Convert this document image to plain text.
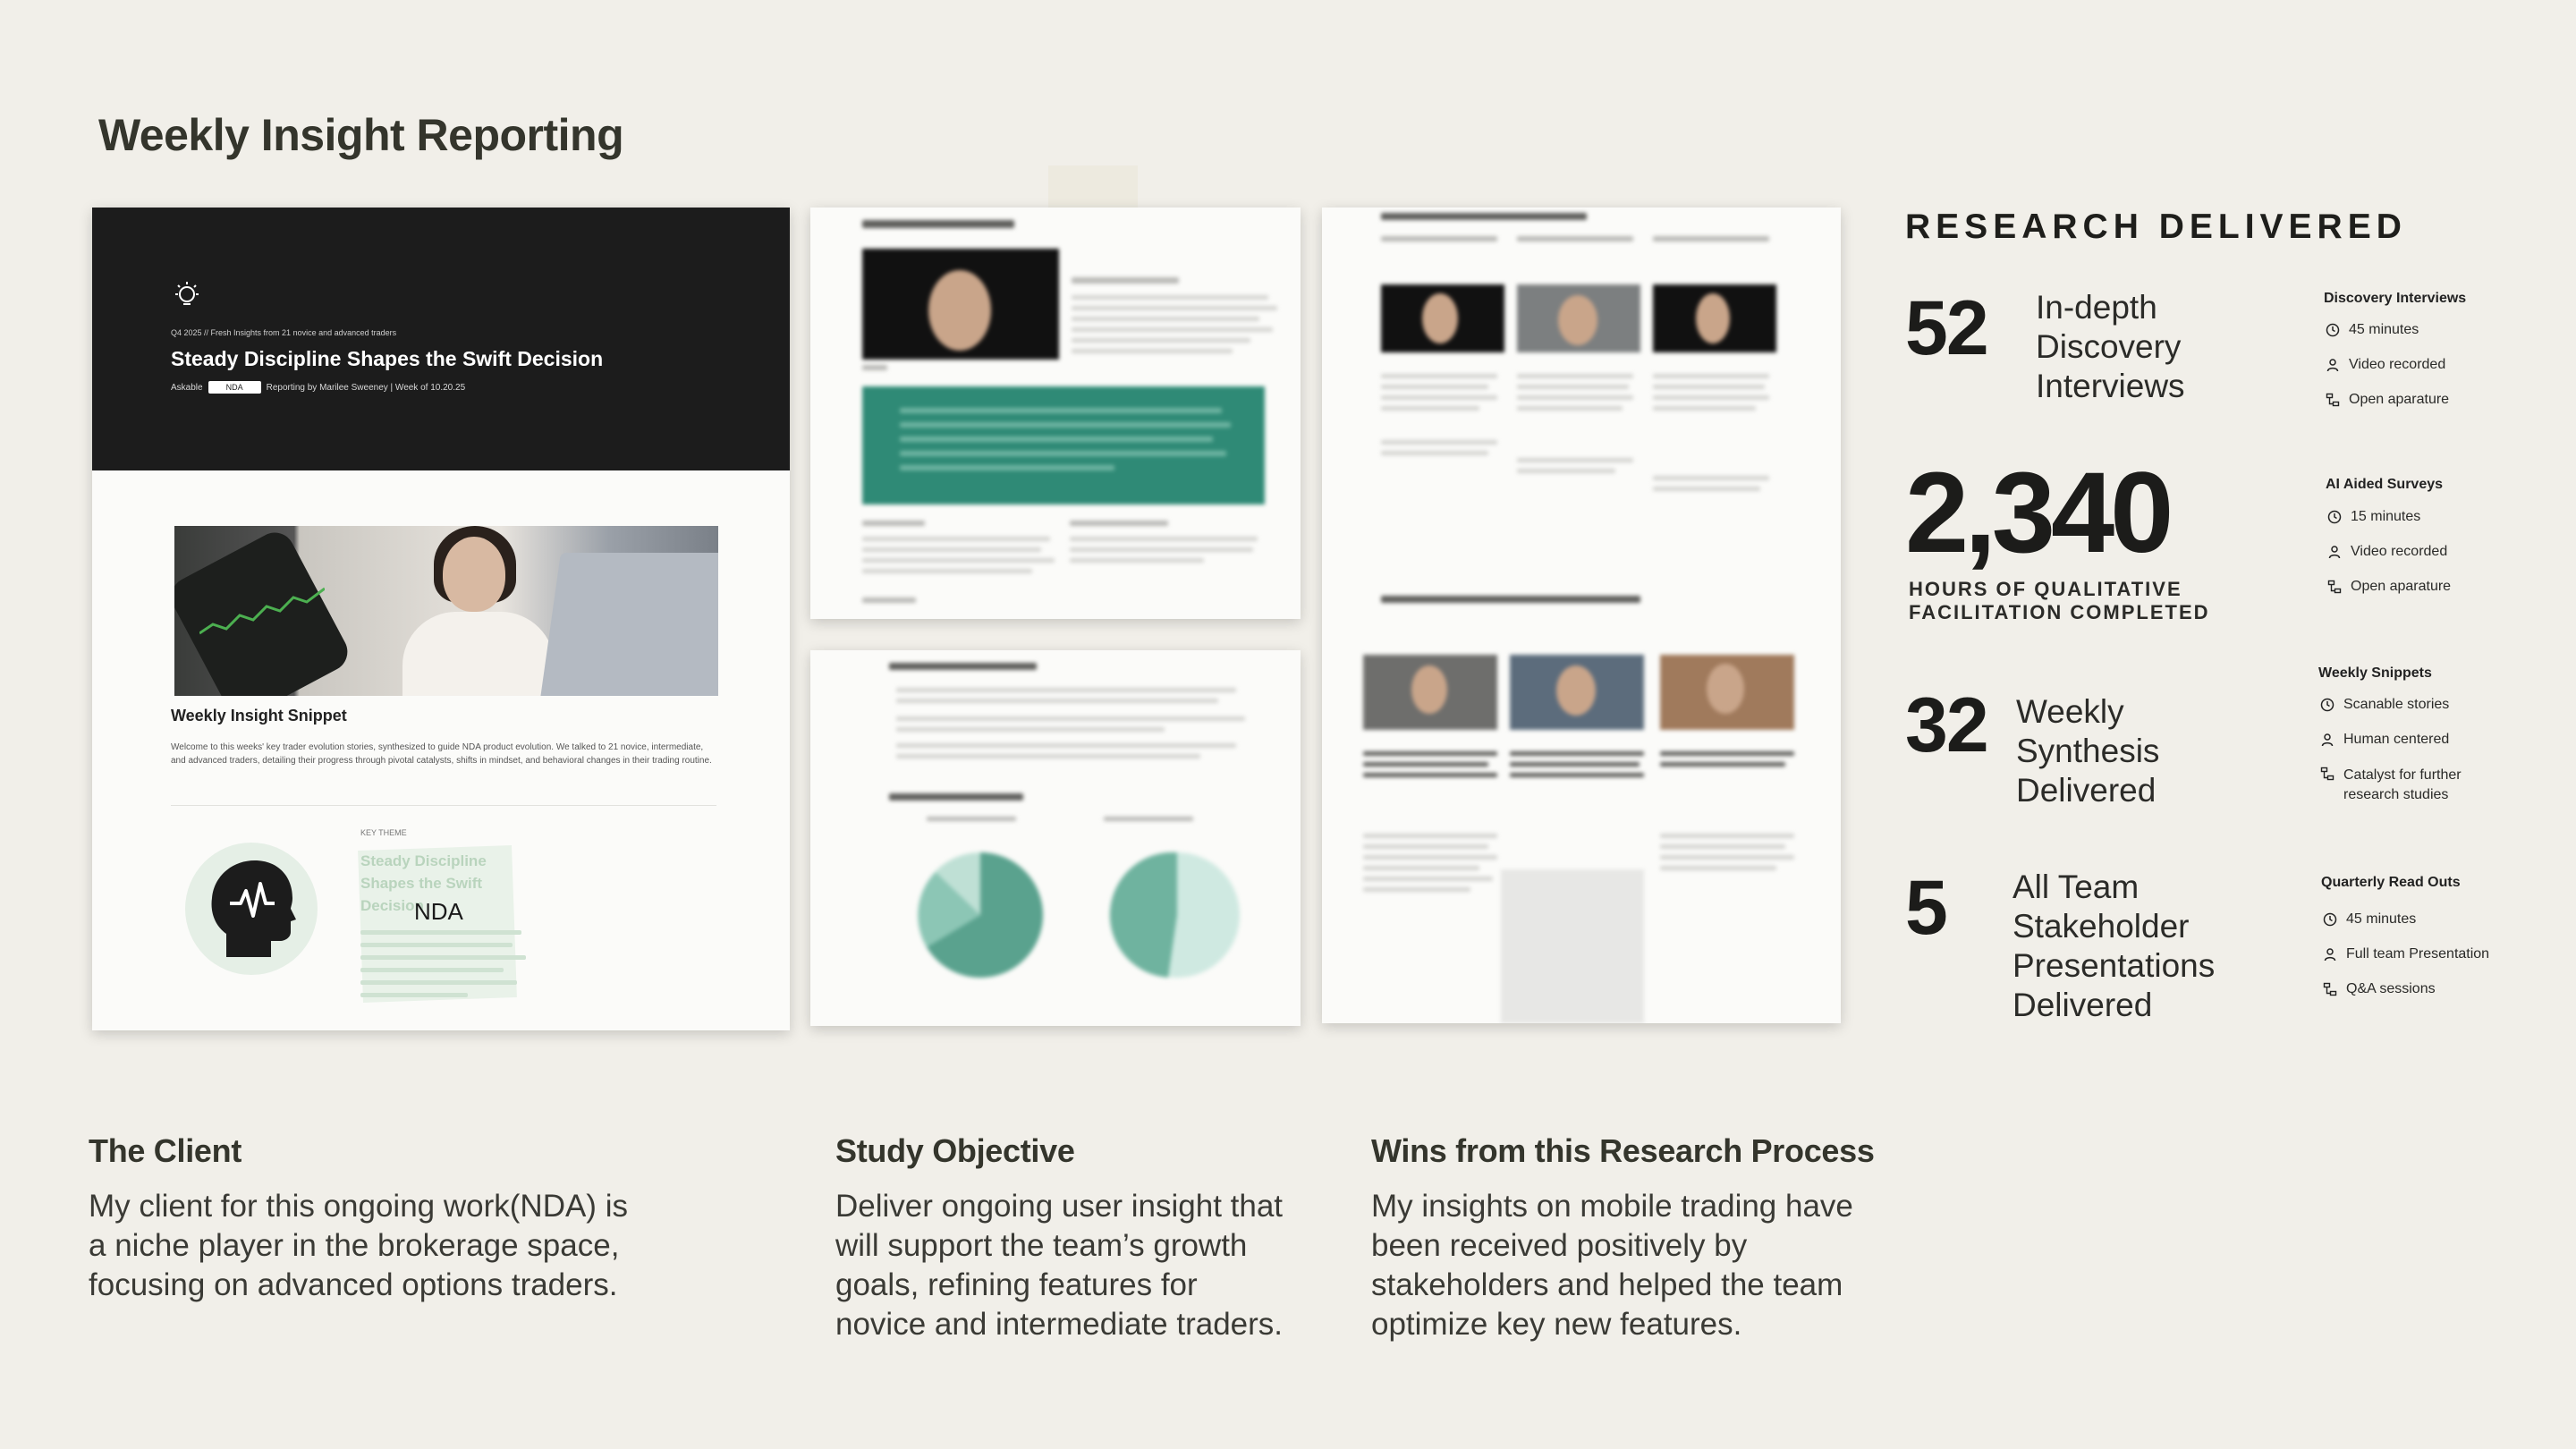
Weekly Insight Reporting
Q4 2025 // Fresh Insights from 21 novice and advanced traders
Steady Discipline Shapes the Swift Decision
Askable	NDA	Reporting by Marilee Sweeney | Week of 10.20.25
Weekly Insight Snippet
Welcome to this weeks' key trader evolution stories, synthesized to guide NDA product evolution. We talked to 21 novice, intermediate, and advanced traders, detailing their progress through pivotal catalysts, shifts in mindset, and behavioral changes in their trading routine.
KEY THEME
Steady Discipline Shapes the Swift Decision
NDA
RESEARCH DELIVERED
52 In-depth
Discovery
Interviews
2,340
HOURS OF QUALITATIVE
FACILITATION COMPLETED
32 Weekly
Synthesis
Delivered
5 All Team
Stakeholder
Presentations
Delivered
Discovery Interviews
45 minutes
Video recorded
Open aparature
AI Aided Surveys
15 minutes
Video recorded
Open aparature
Weekly Snippets
Scanable stories
Human centered
Catalyst for further research studies
Quarterly Read Outs
45 minutes
Full team Presentation
Q&A sessions
The Client
My client for this ongoing work(NDA) is
a niche player in the brokerage space,
focusing on advanced options traders.
Study Objective
Deliver ongoing user insight that
will support the team’s growth
goals, refining features for
novice and intermediate traders.
Wins from this Research Process
My insights on mobile trading have
been received positively by
stakeholders and helped the team
optimize key new features.
